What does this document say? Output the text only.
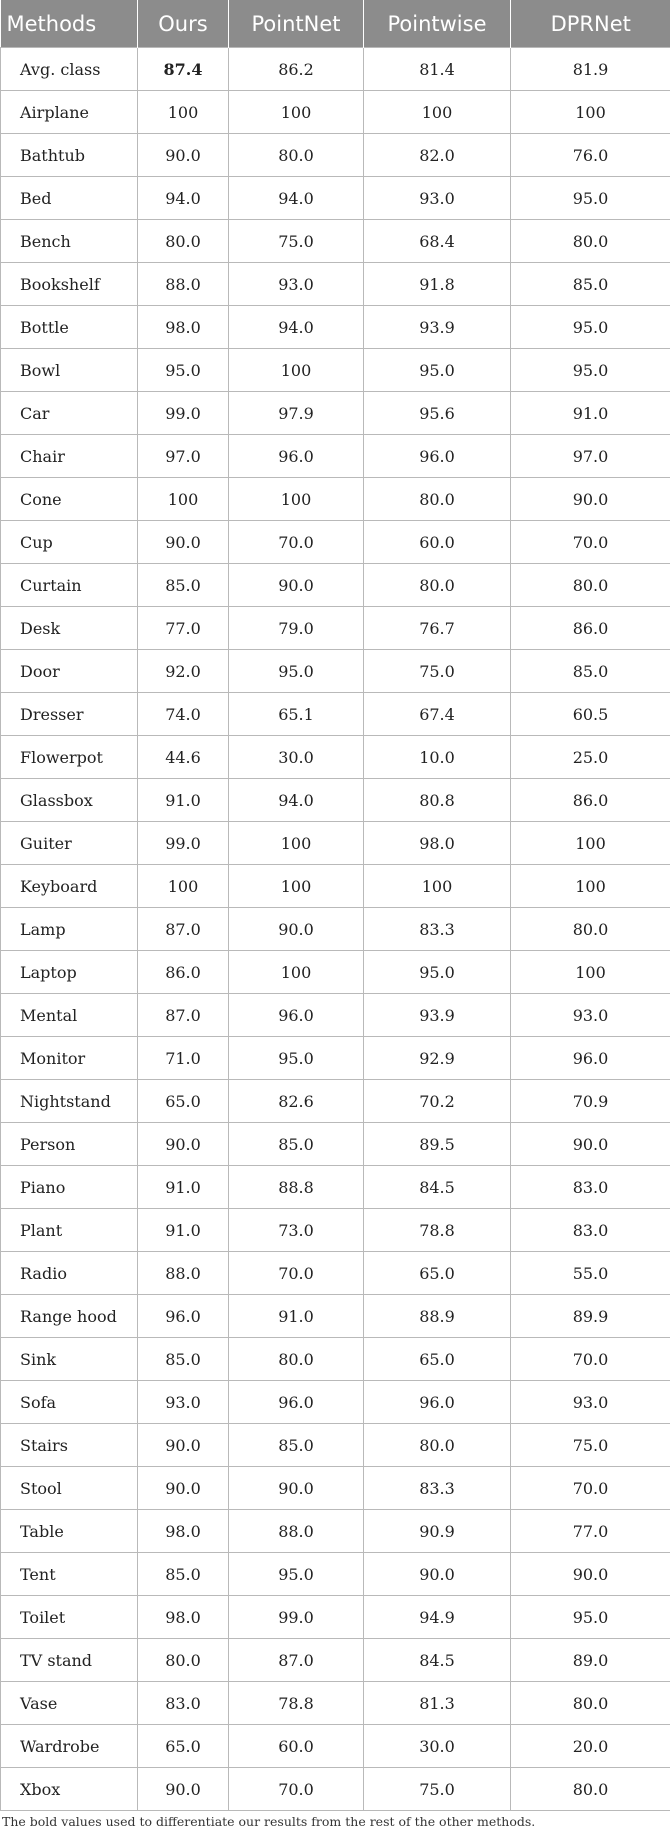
Methods	Ours	PointNet	Pointwise	DPRNet
Avg. class	87.4	86.2	81.4	81.9
Airplane	100	100	100	100
Bathtub	90.0	80.0	82.0	76.0
Bed	94.0	94.0	93.0	95.0
Bench	80.0	75.0	68.4	80.0
Bookshelf	88.0	93.0	91.8	85.0
Bottle	98.0	94.0	93.9	95.0
Bowl	95.0	100	95.0	95.0
Car	99.0	97.9	95.6	91.0
Chair	97.0	96.0	96.0	97.0
Cone	100	100	80.0	90.0
Cup	90.0	70.0	60.0	70.0
Curtain	85.0	90.0	80.0	80.0
Desk	77.0	79.0	76.7	86.0
Door	92.0	95.0	75.0	85.0
Dresser	74.0	65.1	67.4	60.5
Flowerpot	44.6	30.0	10.0	25.0
Glassbox	91.0	94.0	80.8	86.0
Guiter	99.0	100	98.0	100
Keyboard	100	100	100	100
Lamp	87.0	90.0	83.3	80.0
Laptop	86.0	100	95.0	100
Mental	87.0	96.0	93.9	93.0
Monitor	71.0	95.0	92.9	96.0
Nightstand	65.0	82.6	70.2	70.9
Person	90.0	85.0	89.5	90.0
Piano	91.0	88.8	84.5	83.0
Plant	91.0	73.0	78.8	83.0
Radio	88.0	70.0	65.0	55.0
Range hood	96.0	91.0	88.9	89.9
Sink	85.0	80.0	65.0	70.0
Sofa	93.0	96.0	96.0	93.0
Stairs	90.0	85.0	80.0	75.0
Stool	90.0	90.0	83.3	70.0
Table	98.0	88.0	90.9	77.0
Tent	85.0	95.0	90.0	90.0
Toilet	98.0	99.0	94.9	95.0
TV stand	80.0	87.0	84.5	89.0
Vase	83.0	78.8	81.3	80.0
Wardrobe	65.0	60.0	30.0	20.0
Xbox	90.0	70.0	75.0	80.0
The bold values used to differentiate our results from the rest of the other methods.
